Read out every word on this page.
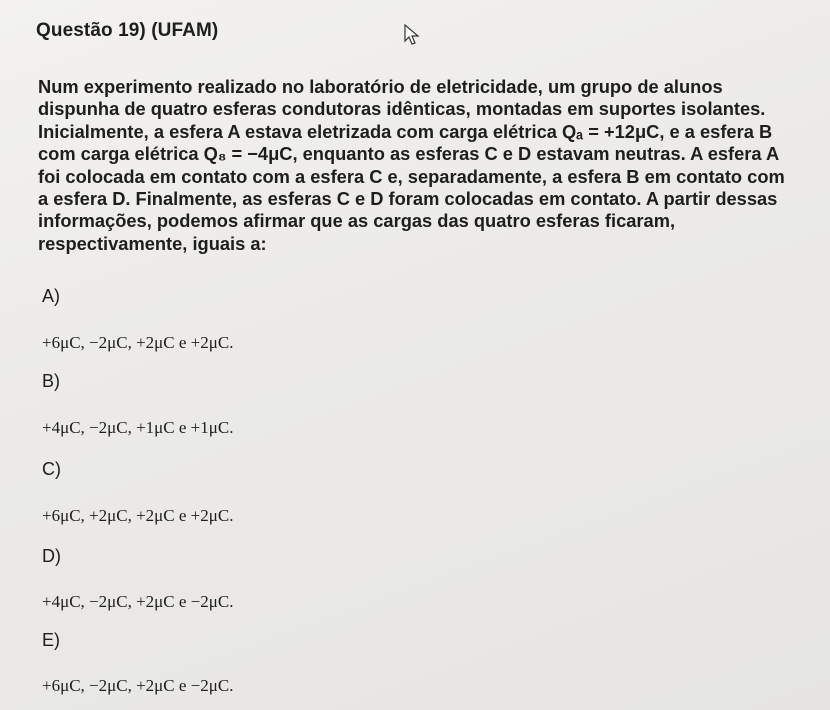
Questão 19) (UFAM)
Num experimento realizado no laboratório de eletricidade, um grupo de alunos dispunha de quatro esferas condutoras idênticas, montadas em suportes isolantes. Inicialmente, a esfera A estava eletrizada com carga elétrica Qₐ = +12μC, e a esfera B com carga elétrica Q₈ = −4μC, enquanto as esferas C e D estavam neutras. A esfera A foi colocada em contato com a esfera C e, separadamente, a esfera B em contato com a esfera D. Finalmente, as esferas C e D foram colocadas em contato. A partir dessas informações, podemos afirmar que as cargas das quatro esferas ficaram, respectivamente, iguais a:
A)
+6μC, −2μC, +2μC e +2μC.
B)
+4μC, −2μC, +1μC e +1μC.
C)
+6μC, +2μC, +2μC e +2μC.
D)
+4μC, −2μC, +2μC e −2μC.
E)
+6μC, −2μC, +2μC e −2μC.
